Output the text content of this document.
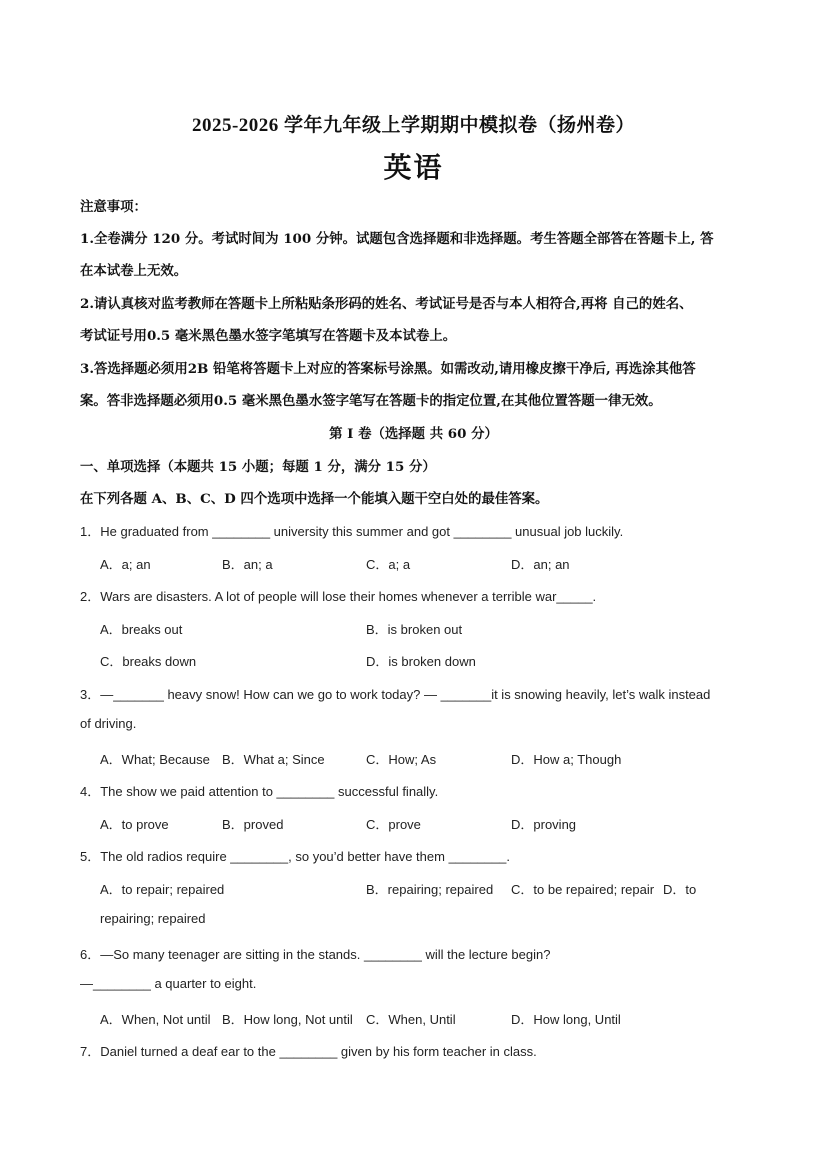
2025-2026 学年九年级上学期期中模拟卷（扬州卷）
英语
注意事项：
1.全卷满分 120 分。考试时间为 100 分钟。试题包含选择题和非选择题。考生答题全部答在答题卡上, 答
在本试卷上无效。
2.请认真核对监考教师在答题卡上所粘贴条形码的姓名、考试证号是否与本人相符合,再将 自己的姓名、
考试证号用0.5 毫米黑色墨水签字笔填写在答题卡及本试卷上。
3.答选择题必须用2B 铅笔将答题卡上对应的答案标号涂黑。如需改动,请用橡皮擦干净后, 再选涂其他答
案。答非选择题必须用0.5 毫米黑色墨水签字笔写在答题卡的指定位置,在其他位置答题一律无效。
第 I 卷（选择题 共 60 分）
一、单项选择（本题共 15 小题；每题 1 分，满分 15 分）
在下列各题 A、B、C、D 四个选项中选择一个能填入题干空白处的最佳答案。
1．He graduated from ________ university this summer and got ________ unusual job luckily.
A．a; an	B．an; a	C．a; a	D．an; an
2．Wars are disasters. A lot of people will lose their homes whenever a terrible war_____.
A．breaks out	B．is broken out
C．breaks down	D．is broken down
3．—_______ heavy snow! How can we go to work today? — _______it is snowing heavily, let’s walk instead
of driving.
A．What; Because B．What a; Since	C．How; As	D．How a; Though
4．The show we paid attention to ________ successful finally.
A．to prove	B．proved	C．prove	D．proving
5．The old radios require ________, so you’d better have them ________.
A．to repair; repaired	B．repairing; repaired C．to be repaired; repair D．to
repairing; repaired
6．—So many teenager are sitting in the stands. ________ will the lecture begin?
—________ a quarter to eight.
A．When, Not until B．How long, Not until C．When, Until	D．How long, Until
7．Daniel turned a deaf ear to the ________ given by his form teacher in class.
